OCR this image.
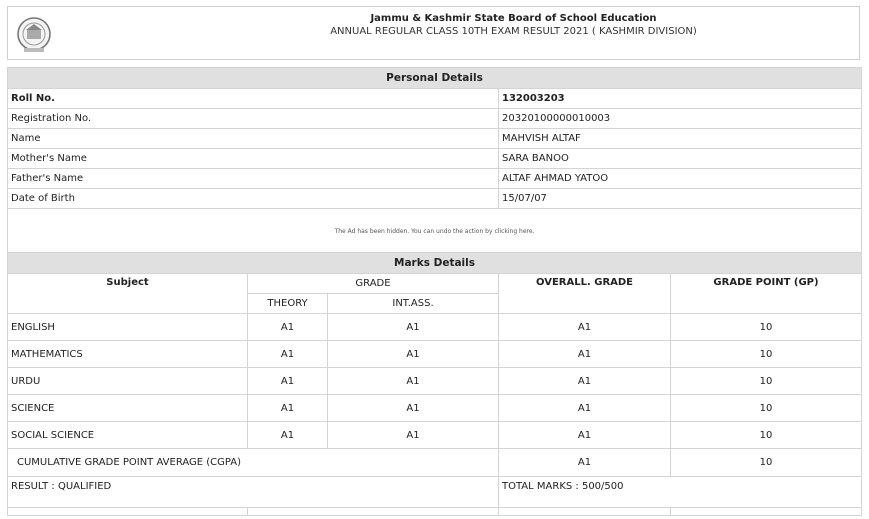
Jammu & Kashmir State Board of School Education
ANNUAL REGULAR CLASS 10TH EXAM RESULT 2021 ( KASHMIR DIVISION)
Personal Details	
Roll No.	132003203
Registration No.	20320100000010003
Name	MAHVISH ALTAF
Mother's Name	SARA BANOO
Father's Name	ALTAF AHMAD YATOO
Date of Birth	15/07/07
The Ad has been hidden. You can undo the action by clicking here.	
Marks Details				
Subject	GRADE		OVERALL. GRADE	GRADE POINT (GP)
	THEORY	INT.ASS.		
ENGLISH	A1	A1	A1	10
MATHEMATICS	A1	A1	A1	10
URDU	A1	A1	A1	10
SCIENCE	A1	A1	A1	10
SOCIAL SCIENCE	A1	A1	A1	10
CUMULATIVE GRADE POINT AVERAGE (CGPA)			A1	10
RESULT : QUALIFIED			TOTAL MARKS : 500/500	
